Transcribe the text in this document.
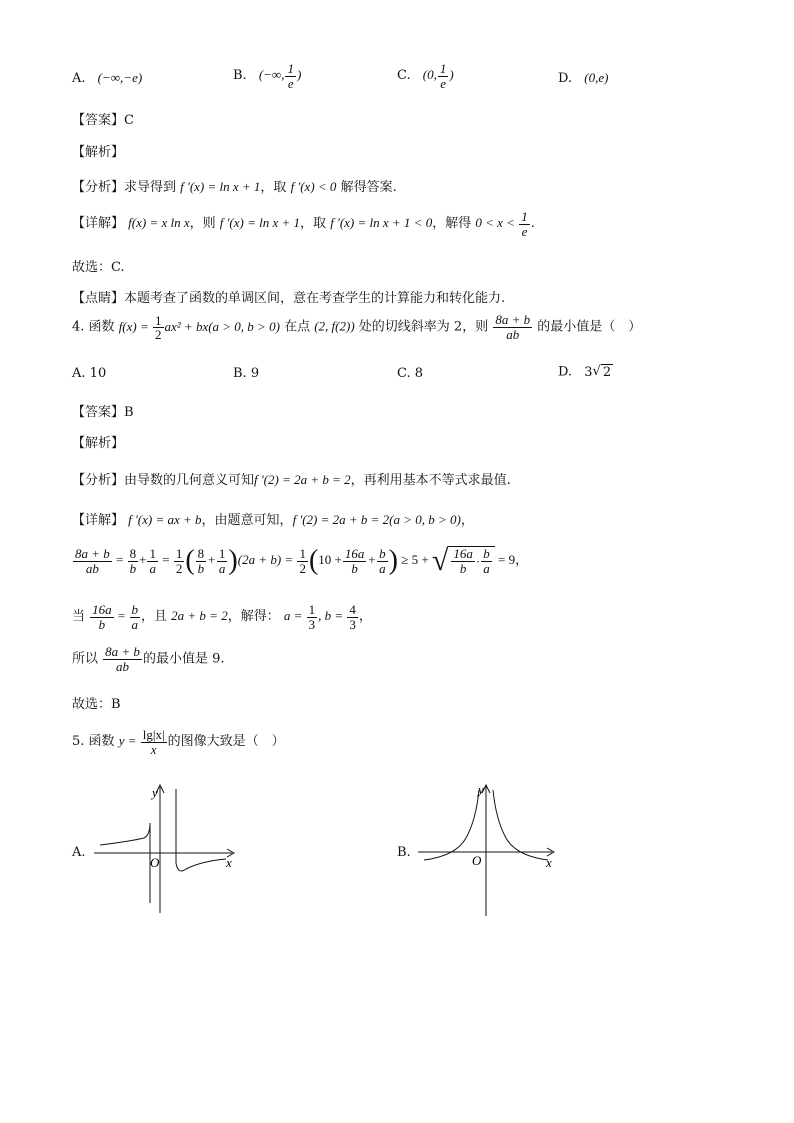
A. (−∞,−e)	B. (−∞, $\frac{1}{e}$ )	C. (0, $\frac{1}{e}$ )	D. (0,e)
【答案】C
【解析】
【分析】求导得到 f '(x) = ln x + 1，取 f '(x) < 0 解得答案.
【详解】 f(x) = x ln x，则 f '(x) = ln x + 1，取 f '(x) = ln x + 1 < 0，解得 $0 < x < \frac{1}{e}$ .
故选：C.
【点睛】本题考查了函数的单调区间，意在考查学生的计算能力和转化能力.
4. 函数 $f(x) = \frac{1}{2} ax^2 + bx(a > 0$, b > 0) 在点 (2, f(2)) 处的切线斜率为 2，则 $\frac{8a + b}{ab}$ 的最小值是（　）
A. 10	B. 9	C. 8	D. 3 √ 2
【答案】B
【解析】
【分析】由导数的几何意义可知f '(2) = 2a + b = 2，再利用基本不等式求最值.
【详解】 f '(x) = ax + b，由题意可知，f '(2) = 2a + b = 2(a > 0, b > 0)，
$\frac{8a + b}{ab} = \frac{8}{b} + \frac{1}{a} = \frac{1}{2}$ ( $\frac{8}{b} + \frac{1}{a} )(2a + b) = \frac{1}{2} (10 + \frac{16a}{b} + \frac{b}{a}$ ) ≥ 5 + √ $\frac{16a}{b} \cdot \frac{b}{a} = 9$，
当 $\frac{16a}{b} = \frac{b}{a}$ ，且 2a + b = 2，解得： $a = \frac{1}{3}$ , $b = \frac{4}{3}$ ，
所以 $\frac{8a + b}{ab}$ 的最小值是 9.
故选：B
5. 函数 $y = \frac{\lg|x|}{x}$ 的图像大致是（　）
A.
y
O	x
B.
y
O	x
